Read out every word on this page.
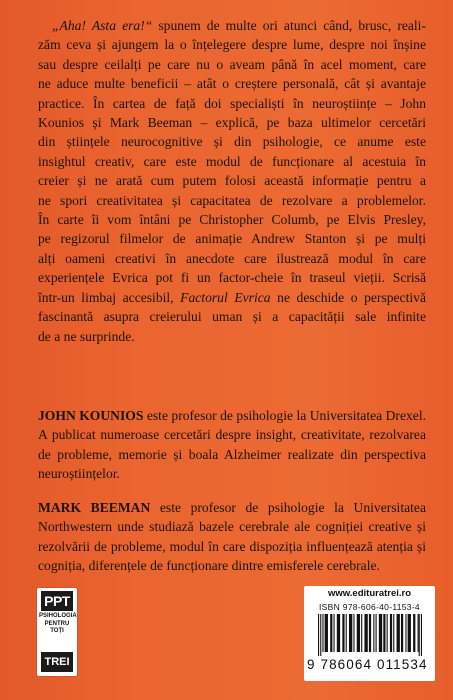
„Aha! Asta era!“ spunem de multe ori atunci când, brusc, reali-
zăm ceva și ajungem la o înțelegere despre lume, despre noi înșine
sau despre ceilalți pe care nu o aveam până în acel moment, care
ne aduce multe beneficii – atât o creștere personală, cât și avantaje
practice. În cartea de față doi specialiști în neuroștiințe – John
Kounios și Mark Beeman – explică, pe baza ultimelor cercetări
din științele neurocognitive și din psihologie, ce anume este
insightul creativ, care este modul de funcționare al acestuia în
creier și ne arată cum putem folosi această informație pentru a
ne spori creativitatea și capacitatea de rezolvare a problemelor.
În carte îi vom întâni pe Christopher Columb, pe Elvis Presley,
pe regizorul filmelor de animație Andrew Stanton și pe mulți
alți oameni creativi în anecdote care ilustrează modul în care
experiențele Evrica pot fi un factor-cheie în traseul vieții. Scrisă
într-un limbaj accesibil, Factorul Evrica ne deschide o perspectivă
fascinantă asupra creierului uman și a capacității sale infinite
de a ne surprinde.
JOHN KOUNIOS este profesor de psihologie la Universitatea Drexel. A publicat numeroase cercetări despre insight, creativitate, rezolvarea de probleme, memorie și boala Alzheimer realizate din perspectiva neuroștiințelor.
MARK BEEMAN este profesor de psihologie la Universitatea Northwestern unde studiază bazele cerebrale ale cogniției creative și rezolvării de probleme, modul în care dispoziția influențează atenția și cogniția, diferențele de funcționare dintre emisferele cerebrale.
PPT
PSIHOLOGIA
PENTRU
TOȚI
TREI
www.edituratrei.ro
ISBN 978-606-40-1153-4
9 786064 011534
